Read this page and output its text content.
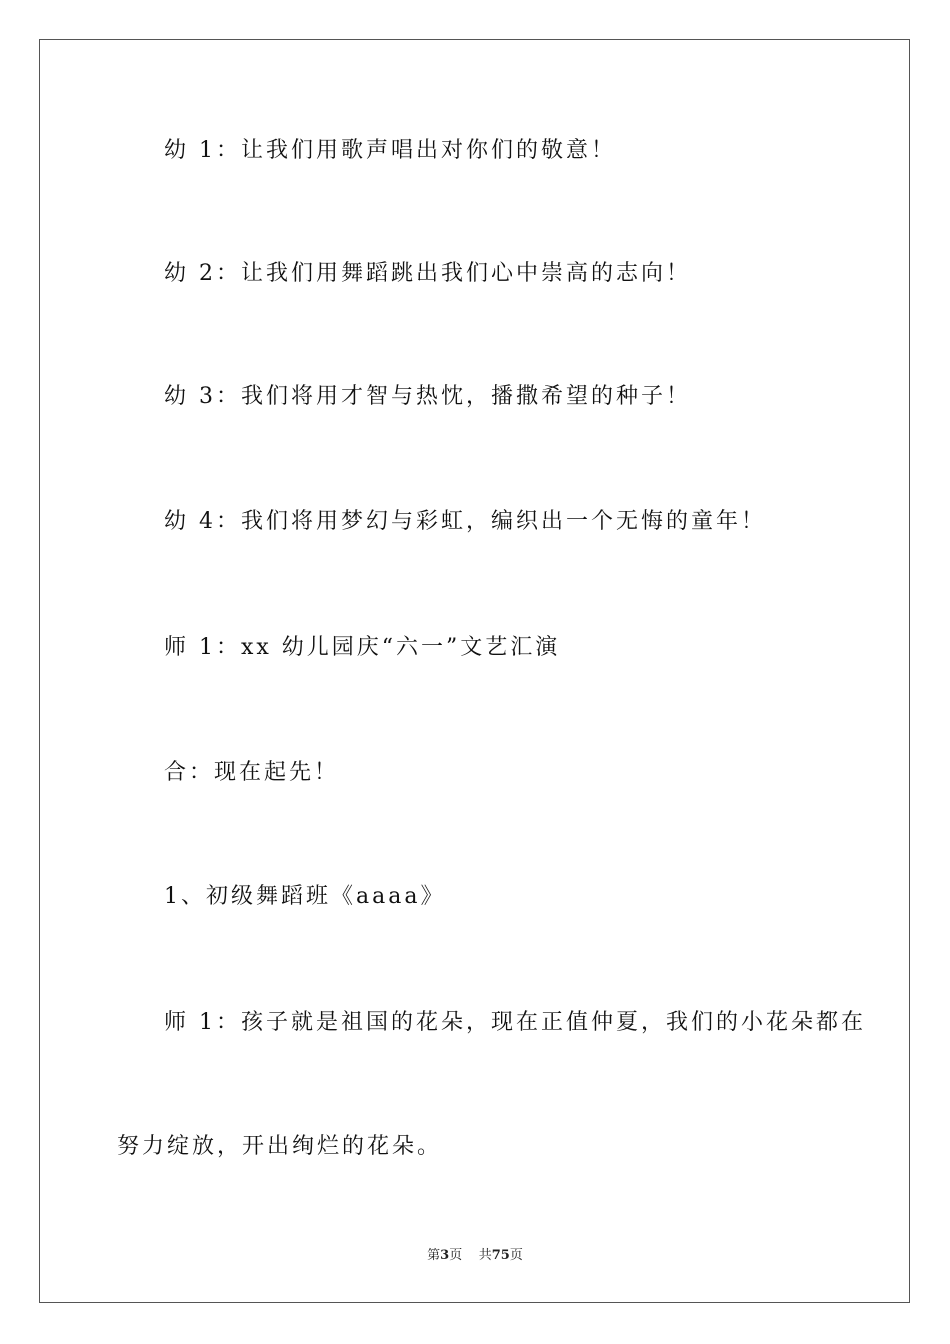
幼 1：让我们用歌声唱出对你们的敬意！
幼 2：让我们用舞蹈跳出我们心中崇高的志向！
幼 3：我们将用才智与热忱，播撒希望的种子！
幼 4：我们将用梦幻与彩虹，编织出一个无悔的童年！
师 1：xx 幼儿园庆“六一”文艺汇演
合：现在起先！
1、初级舞蹈班《aaaa》
师 1：孩子就是祖国的花朵，现在正值仲夏，我们的小花朵都在
努力绽放，开出绚烂的花朵。
第3页 共75页
